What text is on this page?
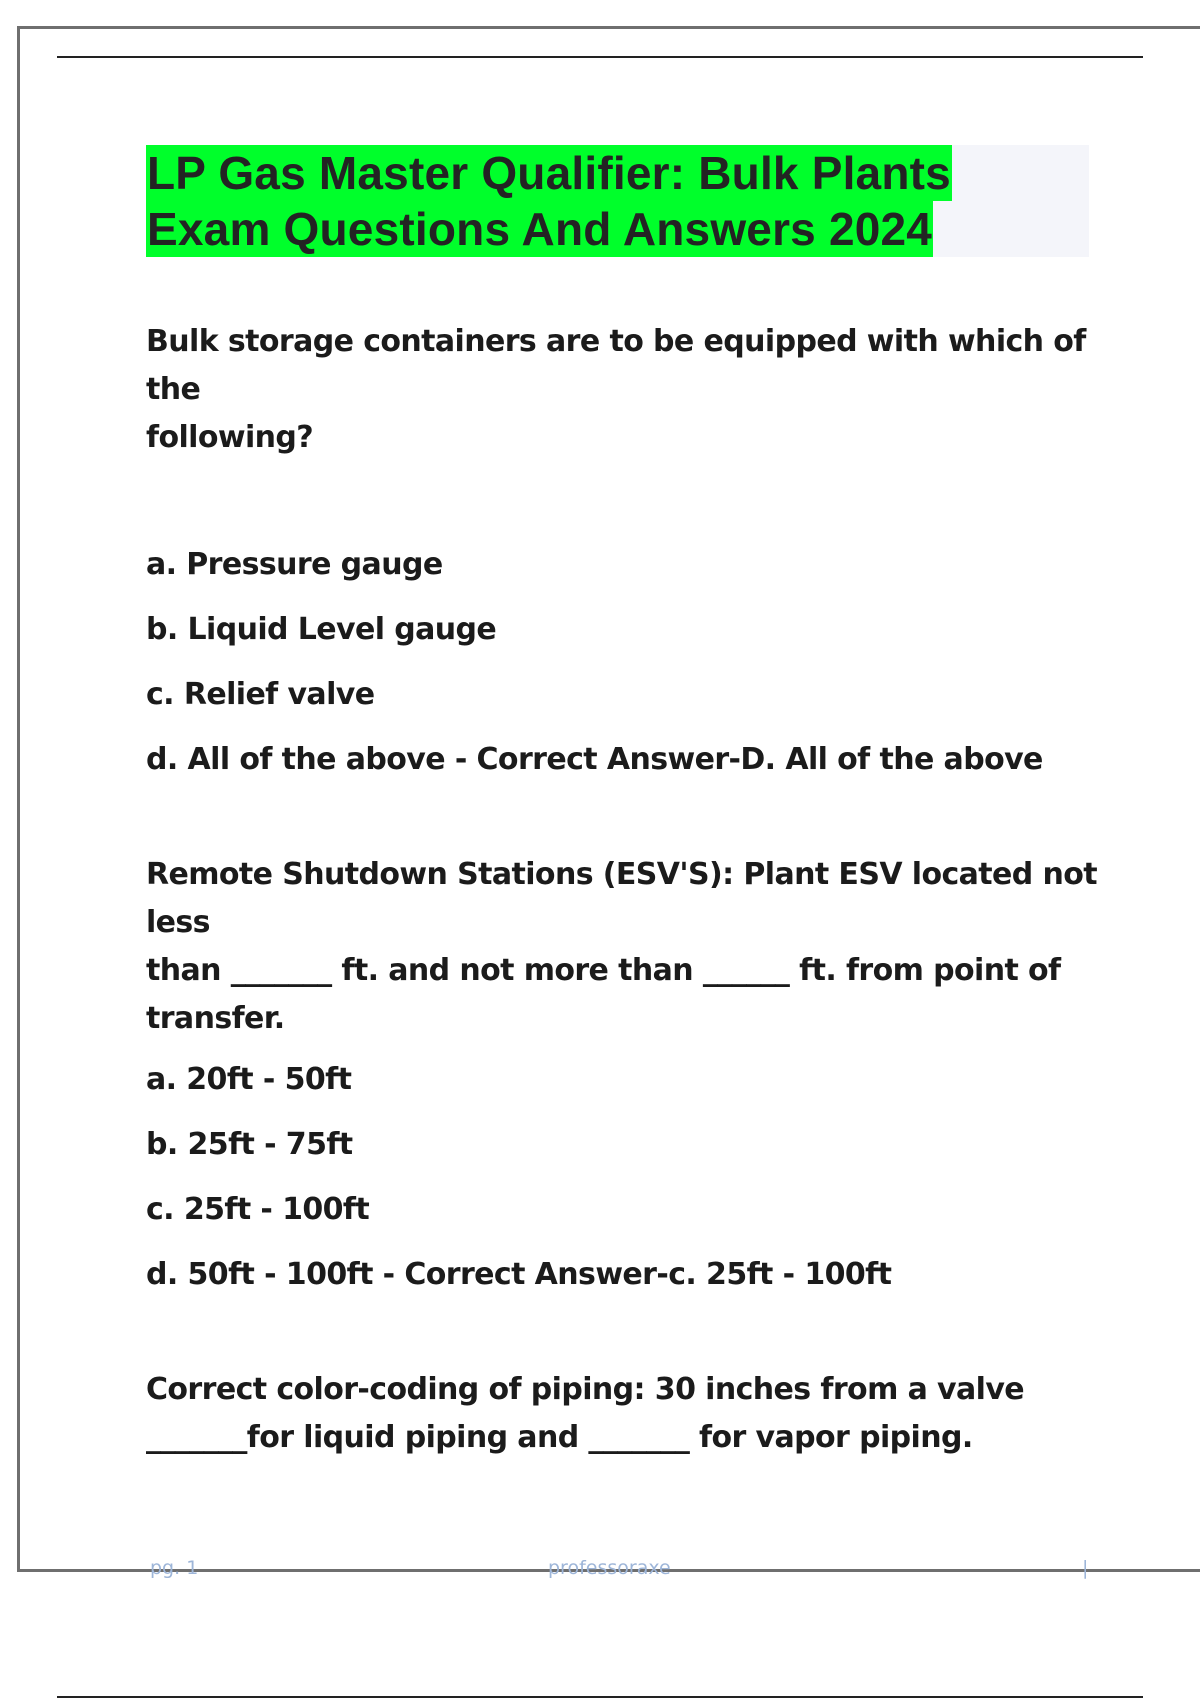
LP Gas Master Qualifier: Bulk Plants
Exam Questions And Answers 2024

Bulk storage containers are to be equipped with which of the
following?

a. Pressure gauge

b. Liquid Level gauge

c. Relief valve

d. All of the above - Correct Answer-D. All of the above

Remote Shutdown Stations (ESV'S): Plant ESV located not less
than _______ ft. and not more than ______ ft. from point of
transfer.

a. 20ft - 50ft

b. 25ft - 75ft

c. 25ft - 100ft

d. 50ft - 100ft - Correct Answer-c. 25ft - 100ft

Correct color-coding of piping: 30 inches from a valve
_______for liquid piping and _______ for vapor piping.

pg. 1	professoraxe	|
